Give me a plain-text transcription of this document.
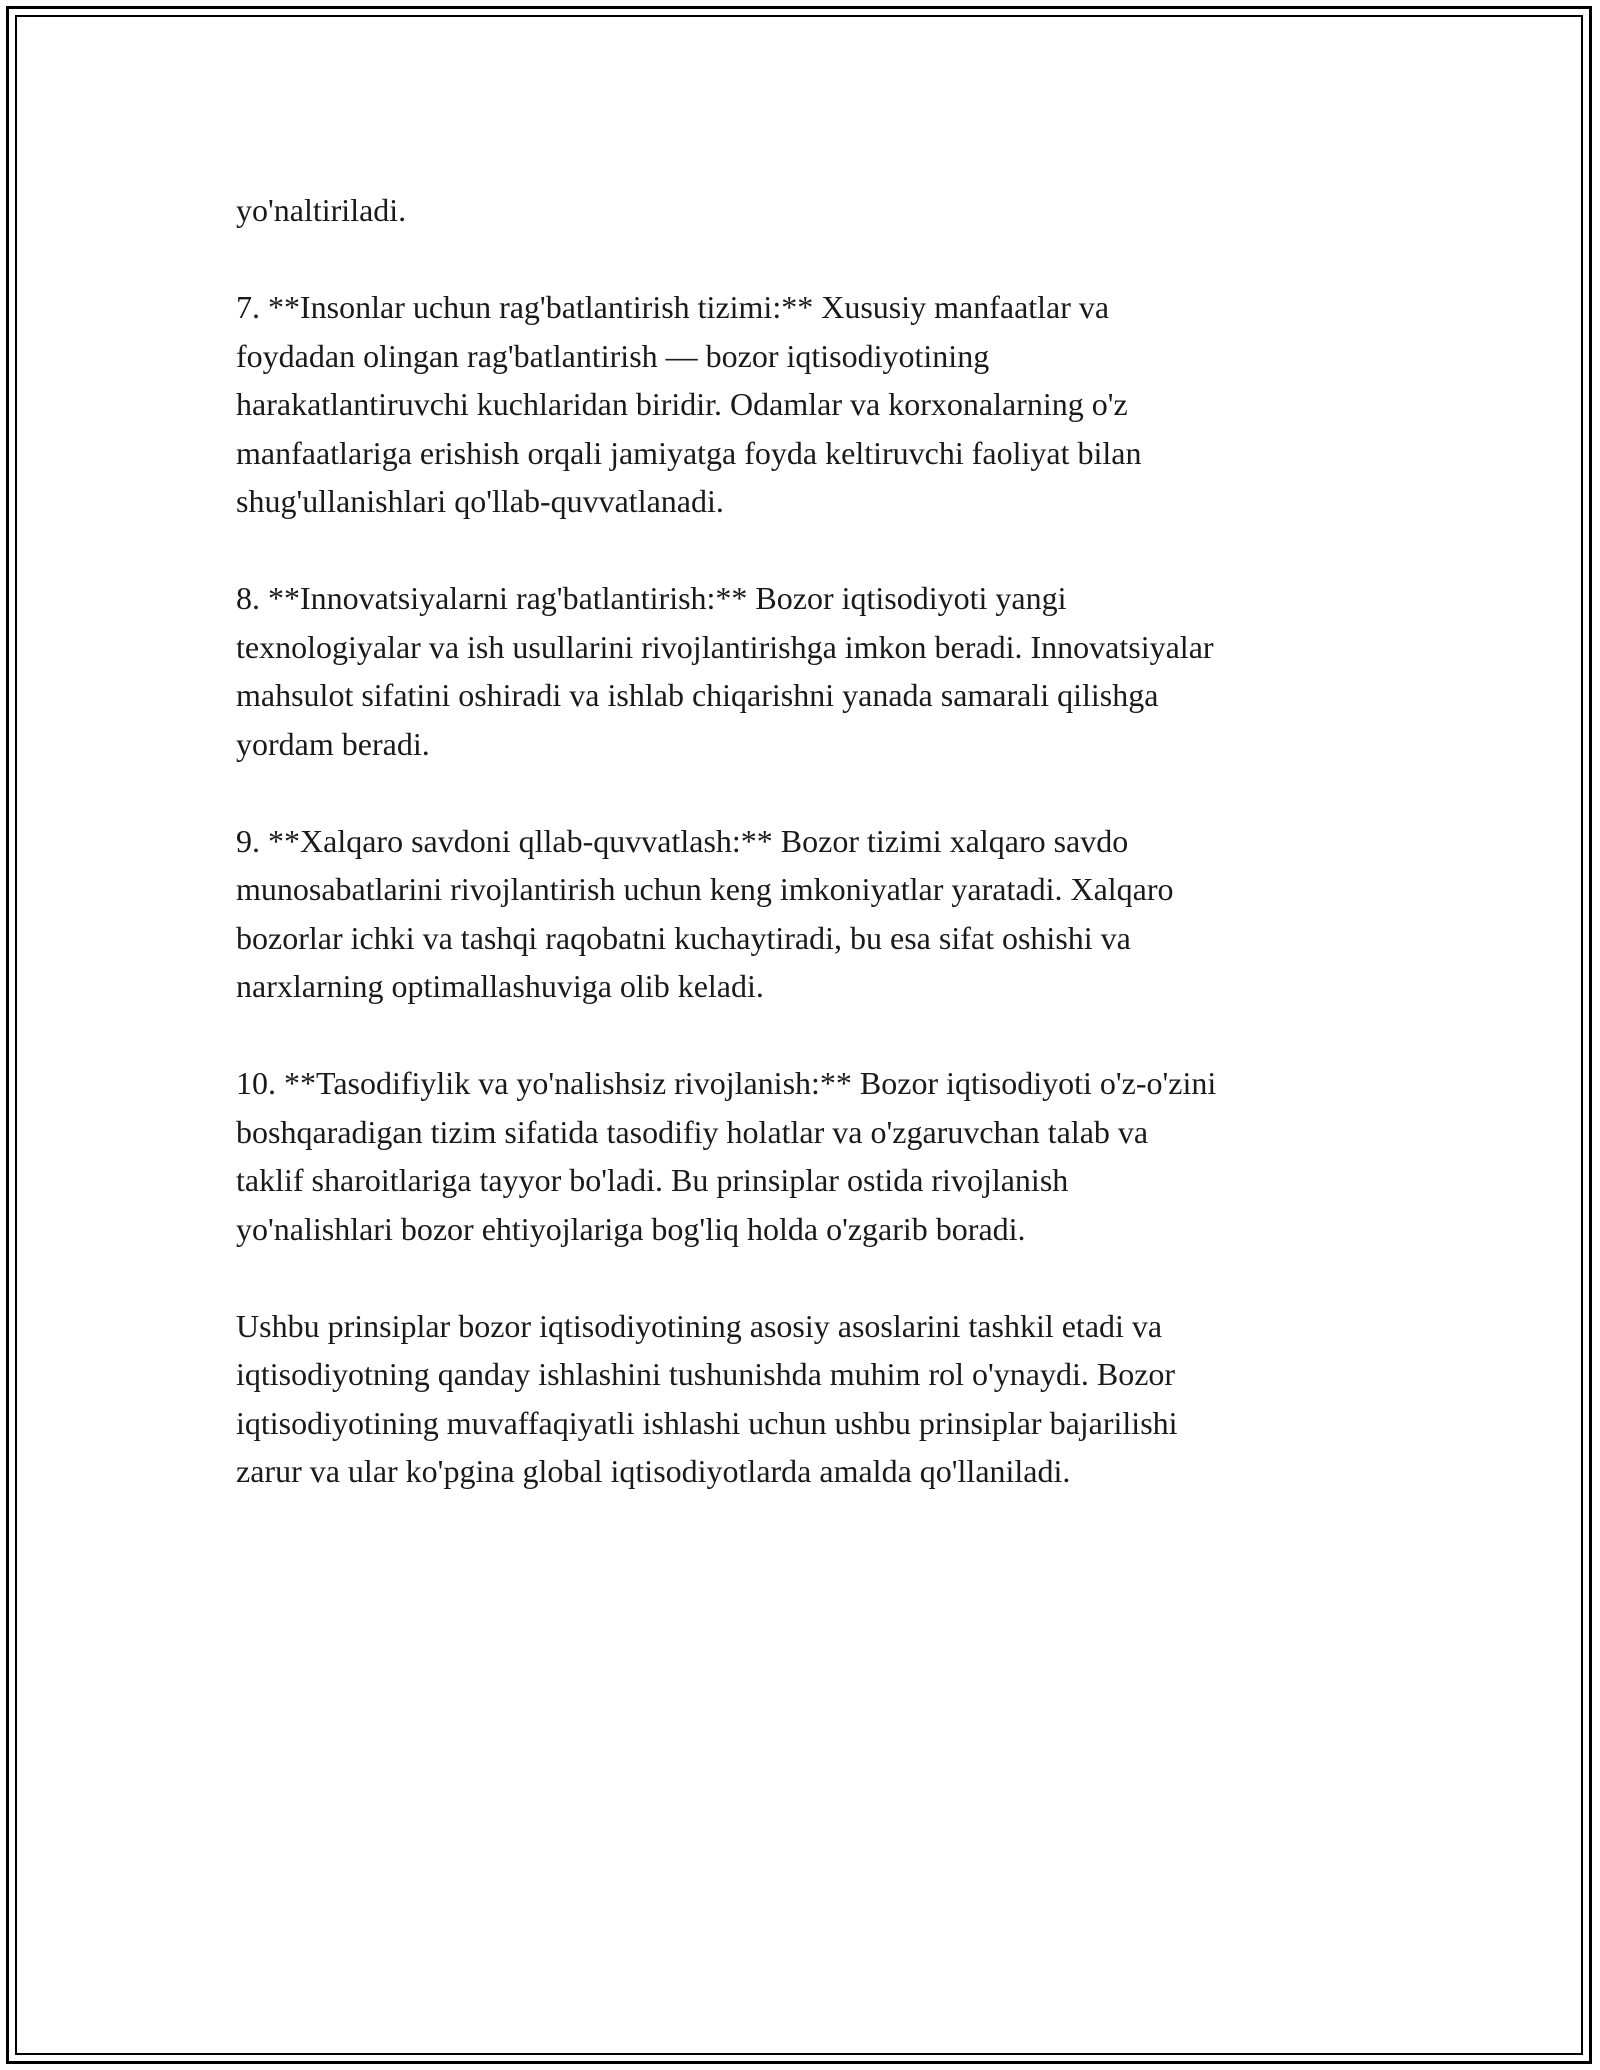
yo'naltiriladi.

7. **Insonlar uchun rag'batlantirish tizimi:** Xususiy manfaatlar va
foydadan olingan rag'batlantirish — bozor iqtisodiyotining
harakatlantiruvchi kuchlaridan biridir. Odamlar va korxonalarning o'z
manfaatlariga erishish orqali jamiyatga foyda keltiruvchi faoliyat bilan
shug'ullanishlari qo'llab-quvvatlanadi.

8. **Innovatsiyalarni rag'batlantirish:** Bozor iqtisodiyoti yangi
texnologiyalar va ish usullarini rivojlantirishga imkon beradi. Innovatsiyalar
mahsulot sifatini oshiradi va ishlab chiqarishni yanada samarali qilishga
yordam beradi.

9. **Xalqaro savdoni qllab-quvvatlash:** Bozor tizimi xalqaro savdo
munosabatlarini rivojlantirish uchun keng imkoniyatlar yaratadi. Xalqaro
bozorlar ichki va tashqi raqobatni kuchaytiradi, bu esa sifat oshishi va
narxlarning optimallashuviga olib keladi.

10. **Tasodifiylik va yo'nalishsiz rivojlanish:** Bozor iqtisodiyoti o'z-o'zini
boshqaradigan tizim sifatida tasodifiy holatlar va o'zgaruvchan talab va
taklif sharoitlariga tayyor bo'ladi. Bu prinsiplar ostida rivojlanish
yo'nalishlari bozor ehtiyojlariga bog'liq holda o'zgarib boradi.

Ushbu prinsiplar bozor iqtisodiyotining asosiy asoslarini tashkil etadi va
iqtisodiyotning qanday ishlashini tushunishda muhim rol o'ynaydi. Bozor
iqtisodiyotining muvaffaqiyatli ishlashi uchun ushbu prinsiplar bajarilishi
zarur va ular ko'pgina global iqtisodiyotlarda amalda qo'llaniladi.
